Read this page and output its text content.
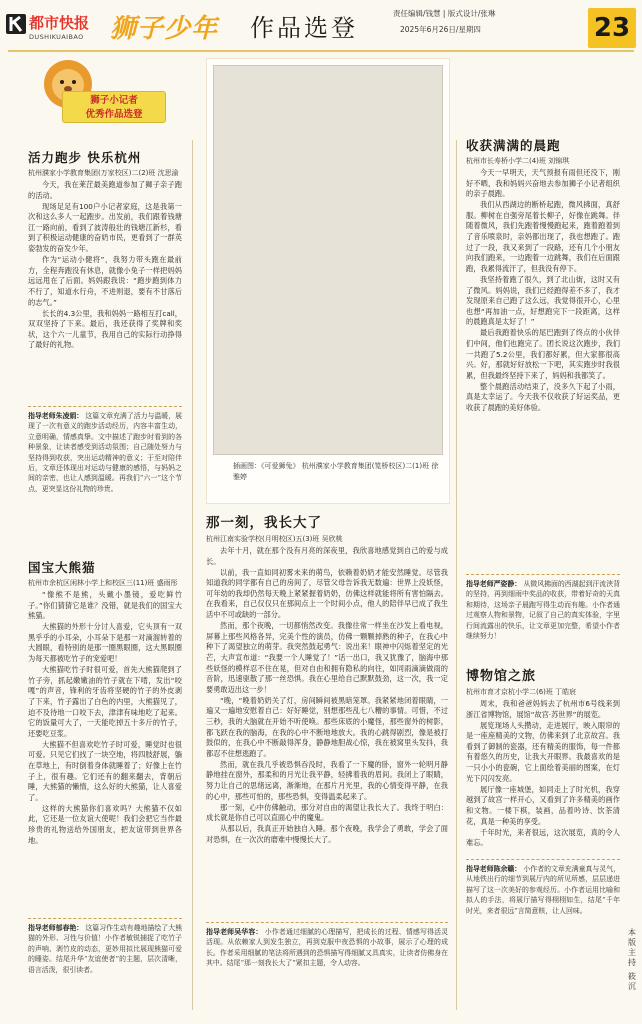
都市快报
DUSHIKUAIBAO 狮子少年 作品选登
责任编辑/钱慧 | 版式设计/张琳
2025年6月26日/星期四	23
狮子小记者
优秀作品选登
活力跑步 快乐杭州
杭州濮家小学教育集团(万家校区)二(2)班 沈思渝

今天，我在莱茳最美跑道参加了狮子亲子跑的活动。

现场足足有100户小记者家庭，这是我第一次和这么多人一起跑步。出发前，我们跟着钱塘江一路向前，看到了波涛般壮的钱塘江新杉，看到了积极运动健康的奋奶市民，更看到了一群英姿勃发的奋发少年。

作为“运动小健将”，我努力带头跑在最前方，全程奔跑没有休息，就像小兔子一样把妈妈远远甩在了后面。妈妈跟我说：“跑步跑到体力不行了，知道水行舟，不进则退，要有不甘落后的志气。”

长长的4.3公里，我和妈妈一路相互打call，双双坚持了下来。最后，我还获得了奖牌和奖状，这个六一儿童节，我用自己的实际行动挣得了最好的礼物。

指导老师朱凌娟： 这篇文章充满了活力与温暖，展现了一次有意义的跑步活动经历，内容丰富生动，立意明确，情感真挚。文中描述了跑步时看到的各种景象，让读者感受到活动氛围；自己随处努力与坚持得到收获，突出运动精神的意义；于至对陪伴后，文章还体现出对运动与健康的感悟，与妈妈之间的亲密，也让人感到温暖。再我们“六一”这个节点，更突显这份礼物的珍贵。
国宝大熊猫
杭州市余杭区闲林小学上和校区三(11)班 盛雨彤

“像熊不是熊，头戴小墨镜，爱吃鲜竹子。”你们猜猜它是谁？没错，就是我们的国宝大熊猫。

大熊猫的外形十分讨人喜爱，它头顶有一双黑乎乎的小耳朵，小耳朵下是那一对滴溜转着的大圆眼，看特别的是那一圈黑眼圈，这大黑眼圈为每天都被吃竹子的宠爱吧！

大熊猫吃竹子时很可爱，首先大熊猫爬到了竹子旁，抓起嫩嫩油的竹子就在下啃，发出“咬嘎”的声音，锋利的牙齿将坚硬的竹子的外皮剥了下来，竹子露出了白色的内里，大熊猫见了，迫不及待地一口咬下去，津津有味地吃了起来。它的饭量可大了，一天能吃掉五十多斤的竹子，还要吃豆浆。

大熊猫不但喜欢吃竹子时可爱，睡觉时也很可爱。只见它们找了一块空地，将四肢舒展，躺在草地上，有时倒着身体就睡着了；好像上在竹子上，很有趣。它们还有的翻来翻去，背朝后睡，大熊猫的懒惰，这么好的大熊猫，让人喜爱了。

这样的大熊猫你们喜欢吗？大熊猫不仅如此，它还是一位友谊大使呢！我们会把它当作最珍贵的礼物送给外国朋友，把友谊带到世界各地。

指导老师郁春艳： 这篇习作生动有趣地描绘了大熊猫的外形、习性与价值！小作者敏锐捕捉了吃竹子的声响、剥竹皮的动态，更妙用拟比展现熊猫可爱的睡姿。结尾升华“友谊使者”的主题，层次清晰，语言活泼，很引读者。
插画图：《可爱狮兔》 杭州濮家小学教育集团(笕桥校区)二(1)班 徐雅婷
那一刻，我长大了
杭州江南实验学校(月明校区)五(3)班 吴欣桃

去年十月，就在那个没有月亮的深夜里，我欣喜地感觉到自己的爱与成长。

以前，我一直如同初雾未来的萌鸟，依赖着奶奶才能安然睡觉。尽管我知道我的同学都有自己的房间了，尽管父母告诉我无数遍：世界上没妖怪，可年幼的我却仍然每天晚上紧紧握着奶奶，仿佛这样就能将所有害怕隔去。在我看来，自己仅仅只在那间点上一个时间小点，他人的陪伴早已成了我生活中不可或缺的一部分。

然而，那个夜晚，一切都悄然改变。我像往常一样坐在沙发上看电视，屏幕上那些风格各异，完美个性的演员，仿佛一颗颗掉熟的种子，在我心中种下了渴望独立的萌芽。我突然鼓起勇气：说出来！眼神中闪烁着坚定的光芒，大声宣布道：“我要一个人睡觉了！”话一出口，我又犹豫了，脑海中那些妖怪的模样忍不住在晃，但对自由和拥有隐私的向往，如同雨滴滴做雨的音阶，迅速驱散了那一丝恐惧。我在心里给自己默默鼓劲，这一次，我一定要勇敢迈出这一步！

“晚，“晚着奶奶关了灯，房间瞬间被黑暗笼罩。我紧紧地闭着眼睛，一遍又一遍地安慰着自己：好好睡觉，别想那些乱七八糟的事情。可惜，不过三秒，我的大脑就在开始不听使唤。那些床底的小魔怪，那些窗外的树影，都飞跃在我的脑海，在我的心中不断地地放大。我的心跳得剧烈，像是被打鼓似的，在我心中不断敲得浑身，静静地胆战心惊，我在被窝里头发抖，我都忍不住想逃跑了。

然而，就在我几乎被恐惧吞没时，我看了一下魔的卧，窗外一轮明月静静地挂在窗外，那柔和的月光让我平静，轻拂着我的眉间。我闭上了眼睛，努力让自己的思绪远离，渐渐地，在那片月光里，我的心情变得平静，在我的心中，那些可怕的，那些恐惧，变得温柔起来了。

那一刻，心中仿佛触动，那分对自由的渴望让我长大了。我终于明白：成长就是你自己可以直面心中的魔鬼。

从那以后，我真正开始独自入睡。那个夜晚，我学会了勇敢，学会了面对恐惧，在一次次的磨难中慢慢长大了。

指导老师吴华容： 小作者通过细腻的心理描写，把成长的过程、情感写得活灵活现。从依赖家人到发生独立，再到克服中夜恐惧的小故事，展示了心理的成长。作者采用细腻的笔法将所遇到的恐惧描写得细腻又具真实，让读者仿佛身在其中。结尾“那一刻我长大了”紧扣主题，令人动容。
收获满满的晨跑
杭州市长寿桥小学二(4)班 刘锦琪

今天一早明天，天气预报有雨但还没下，刚好不晒，我和妈妈兴奋地去参加狮子小记者组织的亲子晨跑。

我们从西湖边的断桥起跑，微风拂面，真舒服。柳树在自强旁尾着长柳子，好像在跳舞。伴随着微风，我们先跑着慢慢跑起来，跑着跑着到了音乐喷泉时，亲妈都出现了，我也想跑了。跑过了一段，我又来到了一段路，还有几个小朋友向我们跑来，一边跑着一边跳舞，我们在后面跟跑，我累得流汗了，但我没有停下。

我坚持着跑了很久，到了北山街，这时又有了微风。妈妈说，我们已经跑得差不多了，我才发现原来自己跑了这么远，我觉得很开心，心里也想“再加油一点，好想跑完下一段距离，这样的晨跑真是太好了！”

最后我跑着快乐的尾巴跑到了终点的小伙伴们中间，他们也跑完了。团长说这次跑步，我们一共跑了5.2公里，我们都好累，但大家都很高兴。好，那就好好放松一下吧，其实跑步时我很累，但我最终坚持下来了，妈妈和我都笑了。

整个晨跑活动结束了，没多久下起了小雨，真是太幸运了。今天我不仅收获了好运奖品，更收获了晨跑的美好体验。

指导老师严姿静： 从微风拂面的西湖起到汗流浃背的坚持，再到细雨中奖品的收获，带着好奇的天真和期待，这场亲子晨跑写得生动而有趣。小作者通过观察人物和景物，记叙了自己的真实体验，字里行间流露出的快乐，让文章更加完整，希望小作者继续努力！
博物馆之旅
杭州市育才京杭小学二(6)班 丁皓宸

周末，我和爸爸妈妈去了杭州市6号线来到浙江省博物馆，展馆“故宫·苏世界”的展览。

展览现场人头攒动，走进展厅，映入眼帘的是一座座精美的文物，仿佛来到了北京故宫。我看到了御制的瓷器，还有精美的服饰，每一件都有着悠久的历史，让我大开眼界。我最喜欢的是一只小小的瓷碗，它上面绘着美丽的图案，在灯光下闪闪发亮。

展厅像一座城堡，如同走上了时光机，我穿越到了故宫一样开心，又看到了许多精美的画作和文物。一楼下棋，装画，品着吟诗、饮茶清花，真是一种美的享受。

千年时光，来者很远，这次展览，真的令人难忘。

指导老师陈余赣： 小作者的文章充满童真与灵气，从地铁出行的细节到展厅内的所见所感，层层递进描写了这一次美好的参观经历。小作者运用比喻和拟人的手法，将展厅描写得栩栩如生，结尾“千年时光，来者很远”言简意赅，让人回味。
本版主持
筱沉
